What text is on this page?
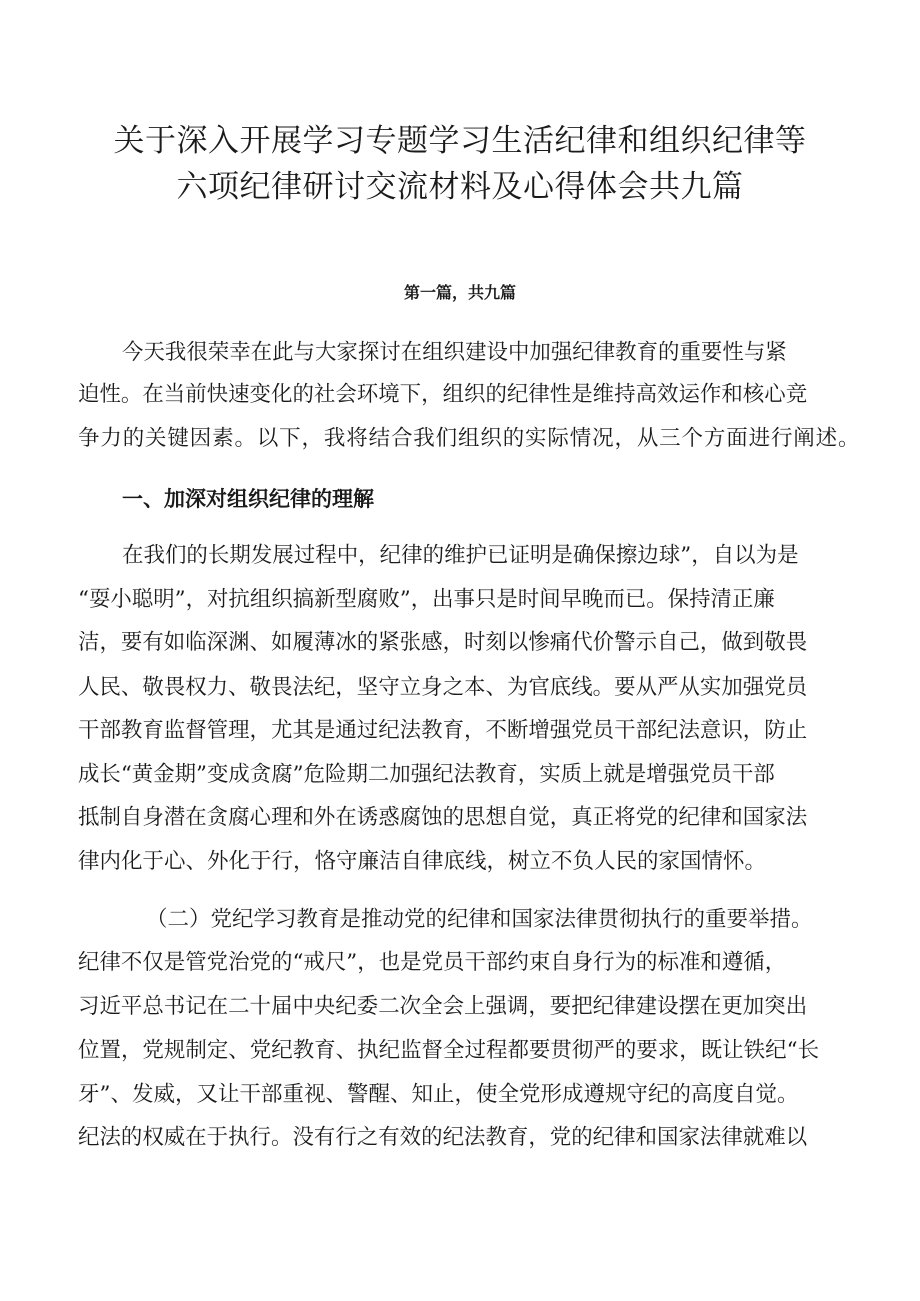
关于深入开展学习专题学习生活纪律和组织纪律等
六项纪律研讨交流材料及心得体会共九篇

第一篇，共九篇

今天我很荣幸在此与大家探讨在组织建设中加强纪律教育的重要性与紧

迫性。在当前快速变化的社会环境下，组织的纪律性是维持高效运作和核心竞

争力的关键因素。以下，我将结合我们组织的实际情况，从三个方面进行阐述。

一、加深对组织纪律的理解

在我们的长期发展过程中，纪律的维护已证明是确保擦边球”，自以为是

“耍小聪明”，对抗组织搞新型腐败”，出事只是时间早晚而已。保持清正廉

洁，要有如临深渊、如履薄冰的紧张感，时刻以惨痛代价警示自己，做到敬畏

人民、敬畏权力、敬畏法纪，坚守立身之本、为官底线。要从严从实加强党员

干部教育监督管理，尤其是通过纪法教育，不断增强党员干部纪法意识，防止

成长“黄金期”变成贪腐”危险期二加强纪法教育，实质上就是增强党员干部

抵制自身潜在贪腐心理和外在诱惑腐蚀的思想自觉，真正将党的纪律和国家法

律内化于心、外化于行，恪守廉洁自律底线，树立不负人民的家国情怀。

（二）党纪学习教育是推动党的纪律和国家法律贯彻执行的重要举措。

纪律不仅是管党治党的“戒尺”，也是党员干部约束自身行为的标准和遵循，

习近平总书记在二十届中央纪委二次全会上强调，要把纪律建设摆在更加突出

位置，党规制定、党纪教育、执纪监督全过程都要贯彻严的要求，既让铁纪“长

牙”、发威，又让干部重视、警醒、知止，使全党形成遵规守纪的高度自觉。

纪法的权威在于执行。没有行之有效的纪法教育，党的纪律和国家法律就难以
